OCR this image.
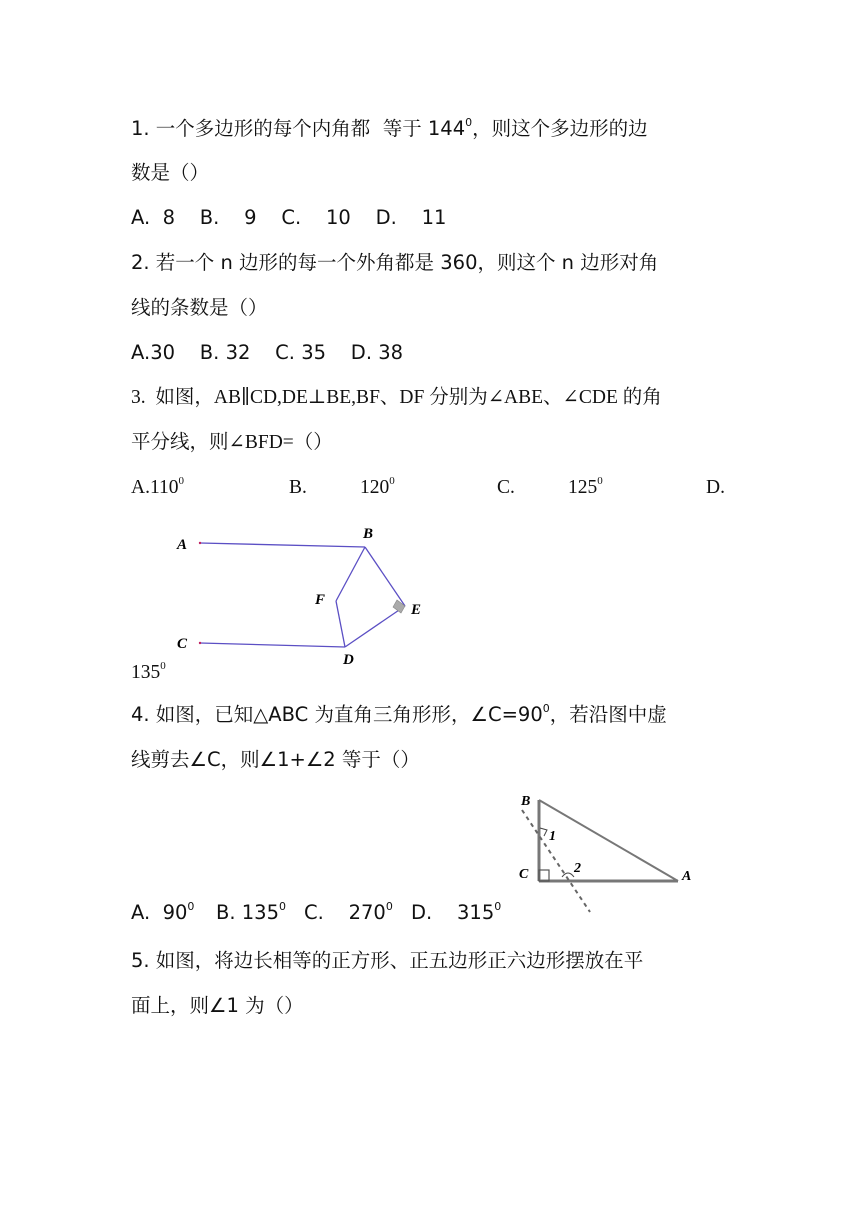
1. 一个多边形的每个内角都  等于 $144^0$，则这个多边形的边
数是（）
A.  8    B.    9    C.    10    D.    11
2. 若一个 n 边形的每一个外角都是 360，则这个 n 边形对角
线的条数是（）
A.30    B. 32    C. 35    D. 38
3.  如图，AB∥CD,DE⊥BE,BF、DF 分别为∠ABE、∠CDE 的角
平分线，则∠BFD=（）
A.110$^0$	B.	$120^0$	C.	$125^0$	D.
A
B
F
E
C
D
$135^0$
4. 如图，已知△ABC 为直角三角形形，$\angle C=90^0$，若沿图中虚
线剪去∠C，则∠1+∠2 等于（）
B
C	A
1
2
A.  $90^0$ B. $135^0$ C.    $270^0$ D.    $315^0$
5. 如图，将边长相等的正方形、正五边形正六边形摆放在平
面上，则∠1 为（）
